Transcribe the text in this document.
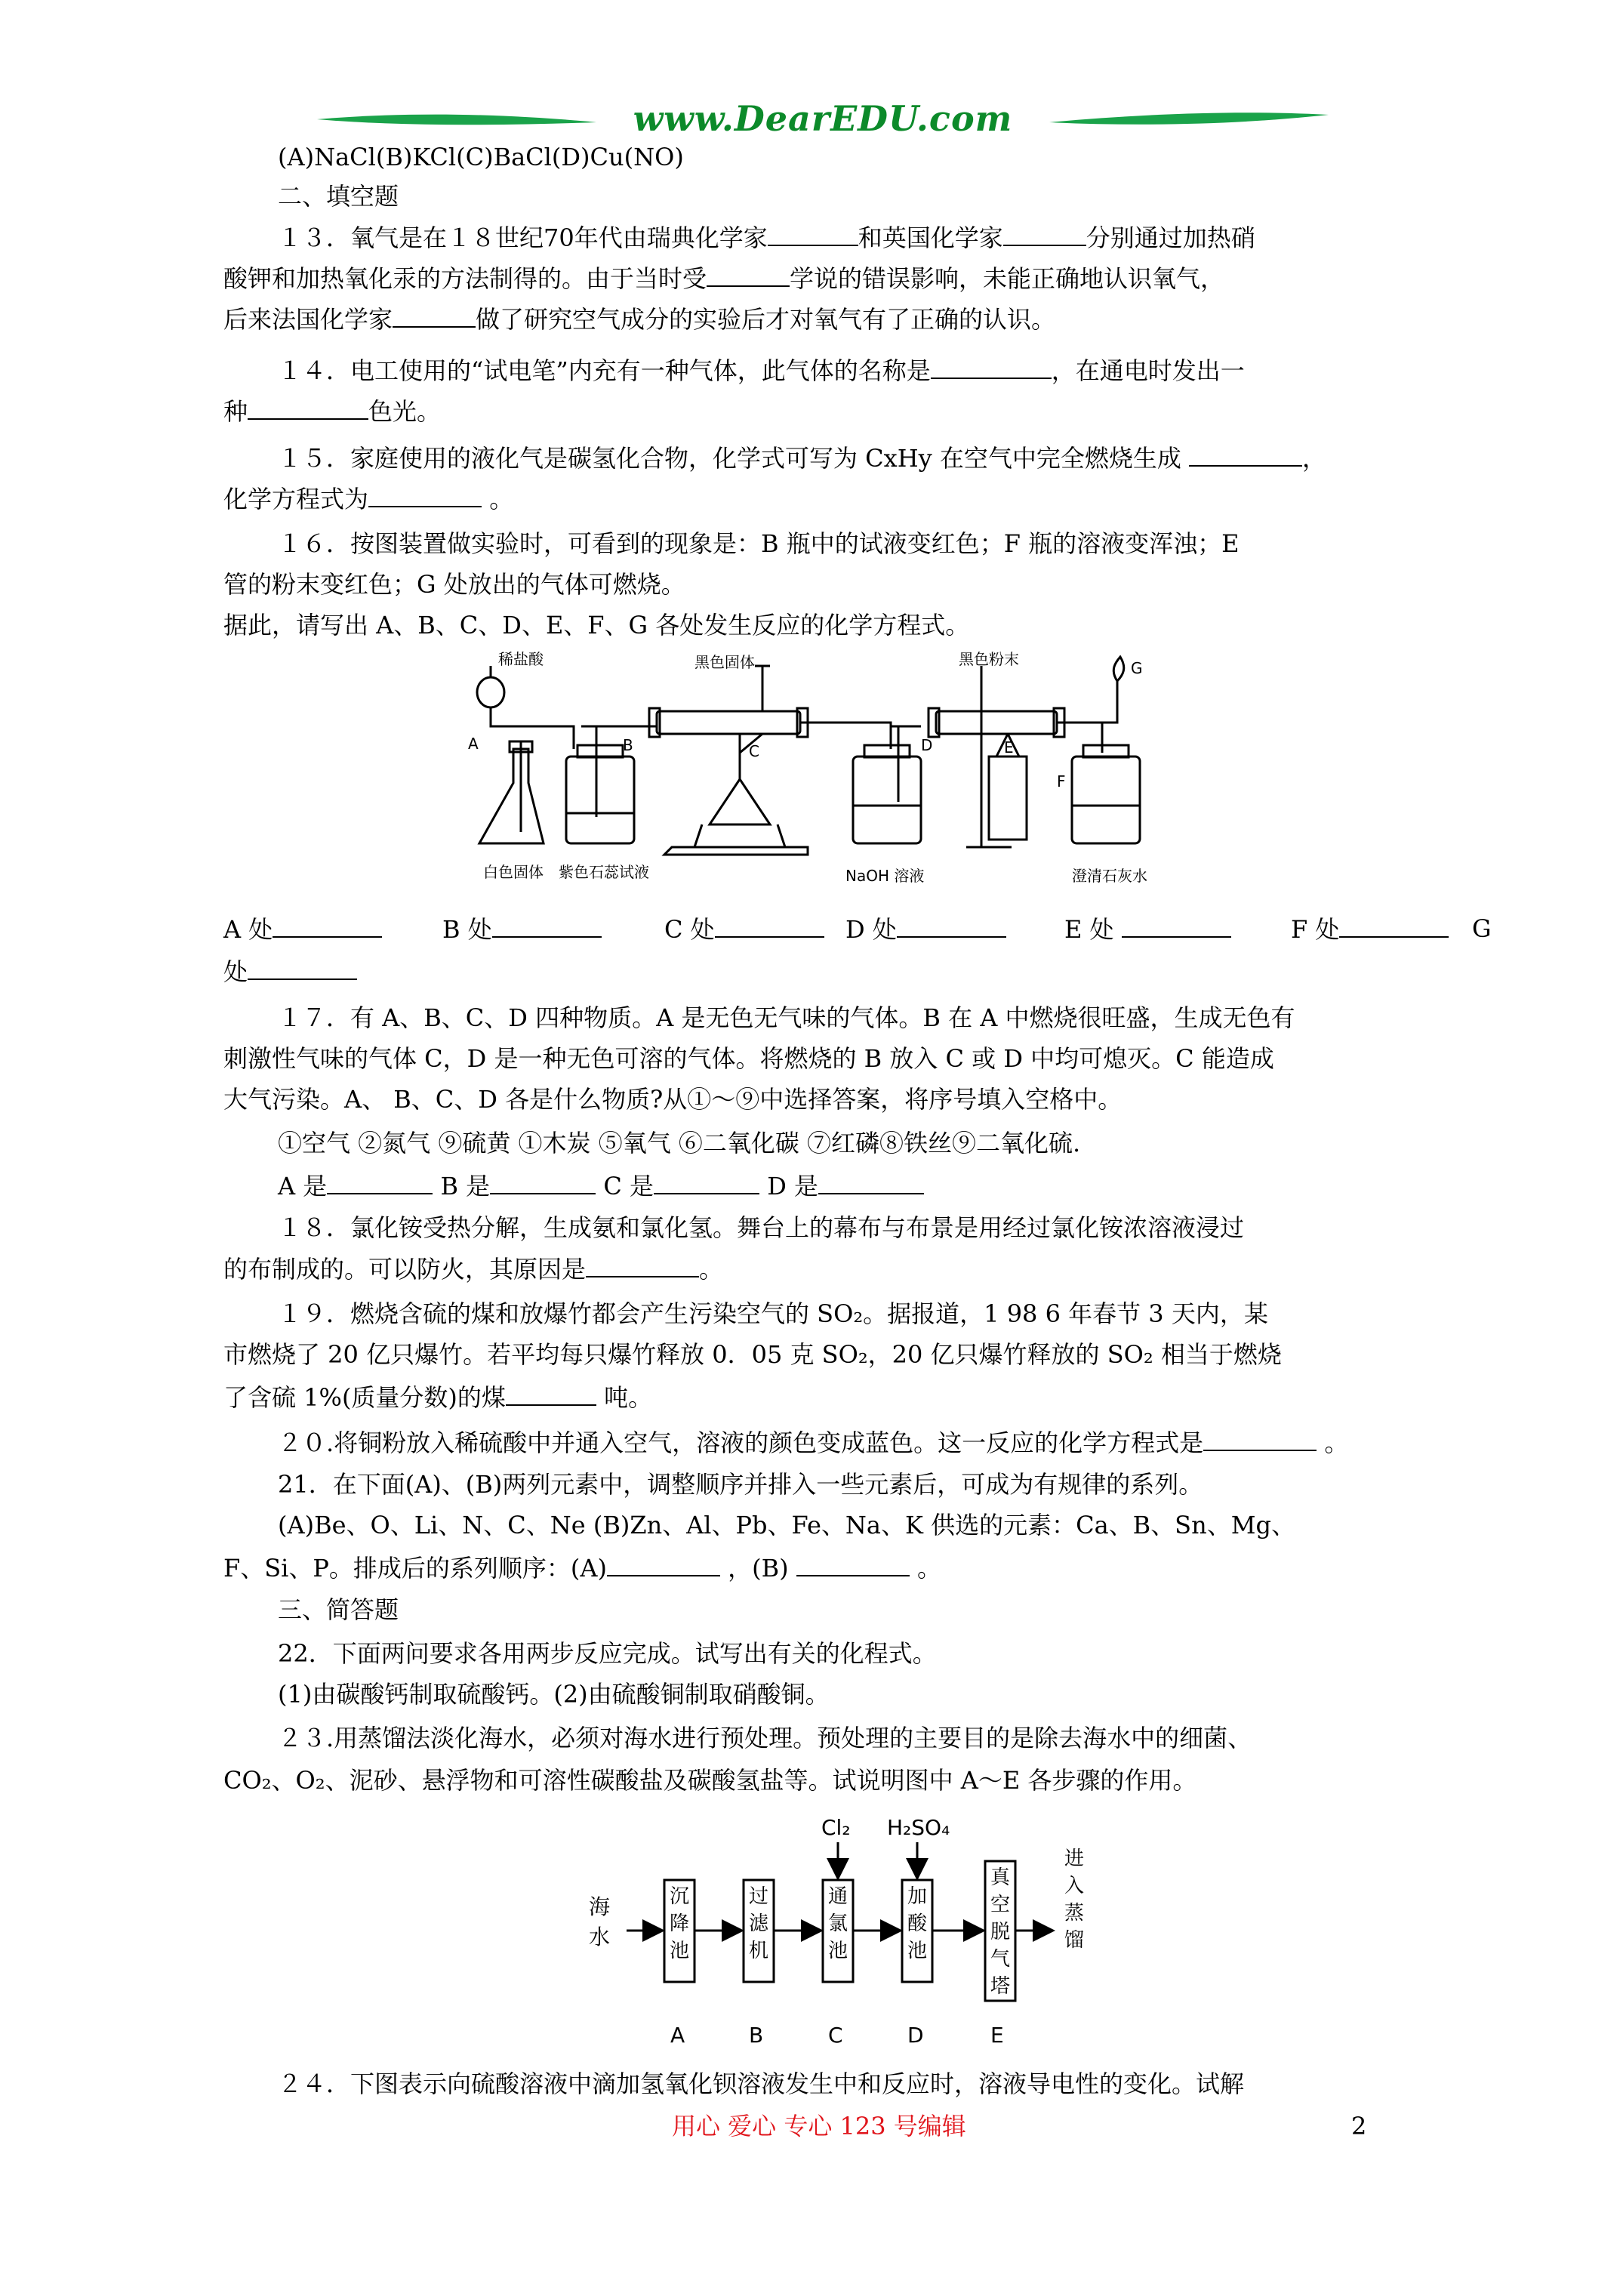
www.DearEDU.com
(A)NaCl(B)KCl(C)BaCl(D)Cu(NO)
二、填空题
１３．氧气是在１８世纪70年代由瑞典化学家	和英国化学家	分别通过加热硝
酸钾和加热氧化汞的方法制得的。由于当时受	学说的错误影响，未能正确地认识氧气，
后来法国化学家	做了研究空气成分的实验后才对氧气有了正确的认识。
１４．电工使用的“试电笔”内充有一种气体，此气体的名称是	，在通电时发出一
种	色光。
１５．家庭使用的液化气是碳氢化合物，化学式可写为 CxHy 在空气中完全燃烧生成	，
化学方程式为	。
１６．按图装置做实验时，可看到的现象是：B 瓶中的试液变红色；F 瓶的溶液变浑浊；E
管的粉末变红色；G 处放出的气体可燃烧。
据此，请写出 A、B、C、D、E、F、G 各处发生反应的化学方程式。
稀盐酸	黑色固体	黑色粉末
白色固体 紫色石蕊试液	NaOH 溶液	澄清石灰水
A	B	C	D	E
F
G
A 处	B 处	C 处	D 处	E 处	F 处	G
处
１７．有 A、B、C、D 四种物质。A 是无色无气味的气体。B 在 A 中燃烧很旺盛，生成无色有
刺激性气味的气体 C，D 是一种无色可溶的气体。将燃烧的 B 放入 C 或 D 中均可熄灭。C 能造成
大气污染。A、 B、C、D 各是什么物质?从①～⑨中选择答案，将序号填入空格中。
①空气 ②氮气 ⑨硫黄 ①木炭 ⑤氧气 ⑥二氧化碳 ⑦红磷⑧铁丝⑨二氧化硫.
A 是	B 是	C 是	D 是
１８．氯化铵受热分解，生成氨和氯化氢。舞台上的幕布与布景是用经过氯化铵浓溶液浸过
的布制成的。可以防火，其原因是	。
１９．燃烧含硫的煤和放爆竹都会产生污染空气的 SO₂。据报道，1 98 6 年春节 3 天内，某
市燃烧了 20 亿只爆竹。若平均每只爆竹释放 0．05 克 SO₂，20 亿只爆竹释放的 SO₂ 相当于燃烧
了含硫 1%(质量分数)的煤	吨。
２０.将铜粉放入稀硫酸中并通入空气，溶液的颜色变成蓝色。这一反应的化学方程式是	。
21．在下面(A)、(B)两列元素中，调整顺序并排入一些元素后，可成为有规律的系列。
(A)Be、O、Li、N、C、Ne (B)Zn、Al、Pb、Fe、Na、K 供选的元素：Ca、B、Sn、Mg、
F、Si、P。排成后的系列顺序：(A)	，(B)	。
三、简答题
22．下面两问要求各用两步反应完成。试写出有关的化程式。
(1)由碳酸钙制取硫酸钙。(2)由硫酸铜制取硝酸铜。
２３.用蒸馏法淡化海水，必须对海水进行预处理。预处理的主要目的是除去海水中的细菌、
CO₂、O₂、泥砂、悬浮物和可溶性碳酸盐及碳酸氢盐等。试说明图中 A～E 各步骤的作用。
海
水
Cl₂ H₂SO₄
A	B	C	D	E
沉降池
过滤机
通氯池
加酸池
真空脱气塔
进入蒸馏
２４．下图表示向硫酸溶液中滴加氢氧化钡溶液发生中和反应时，溶液导电性的变化。试解
用心 爱心 专心 123 号编辑	2
